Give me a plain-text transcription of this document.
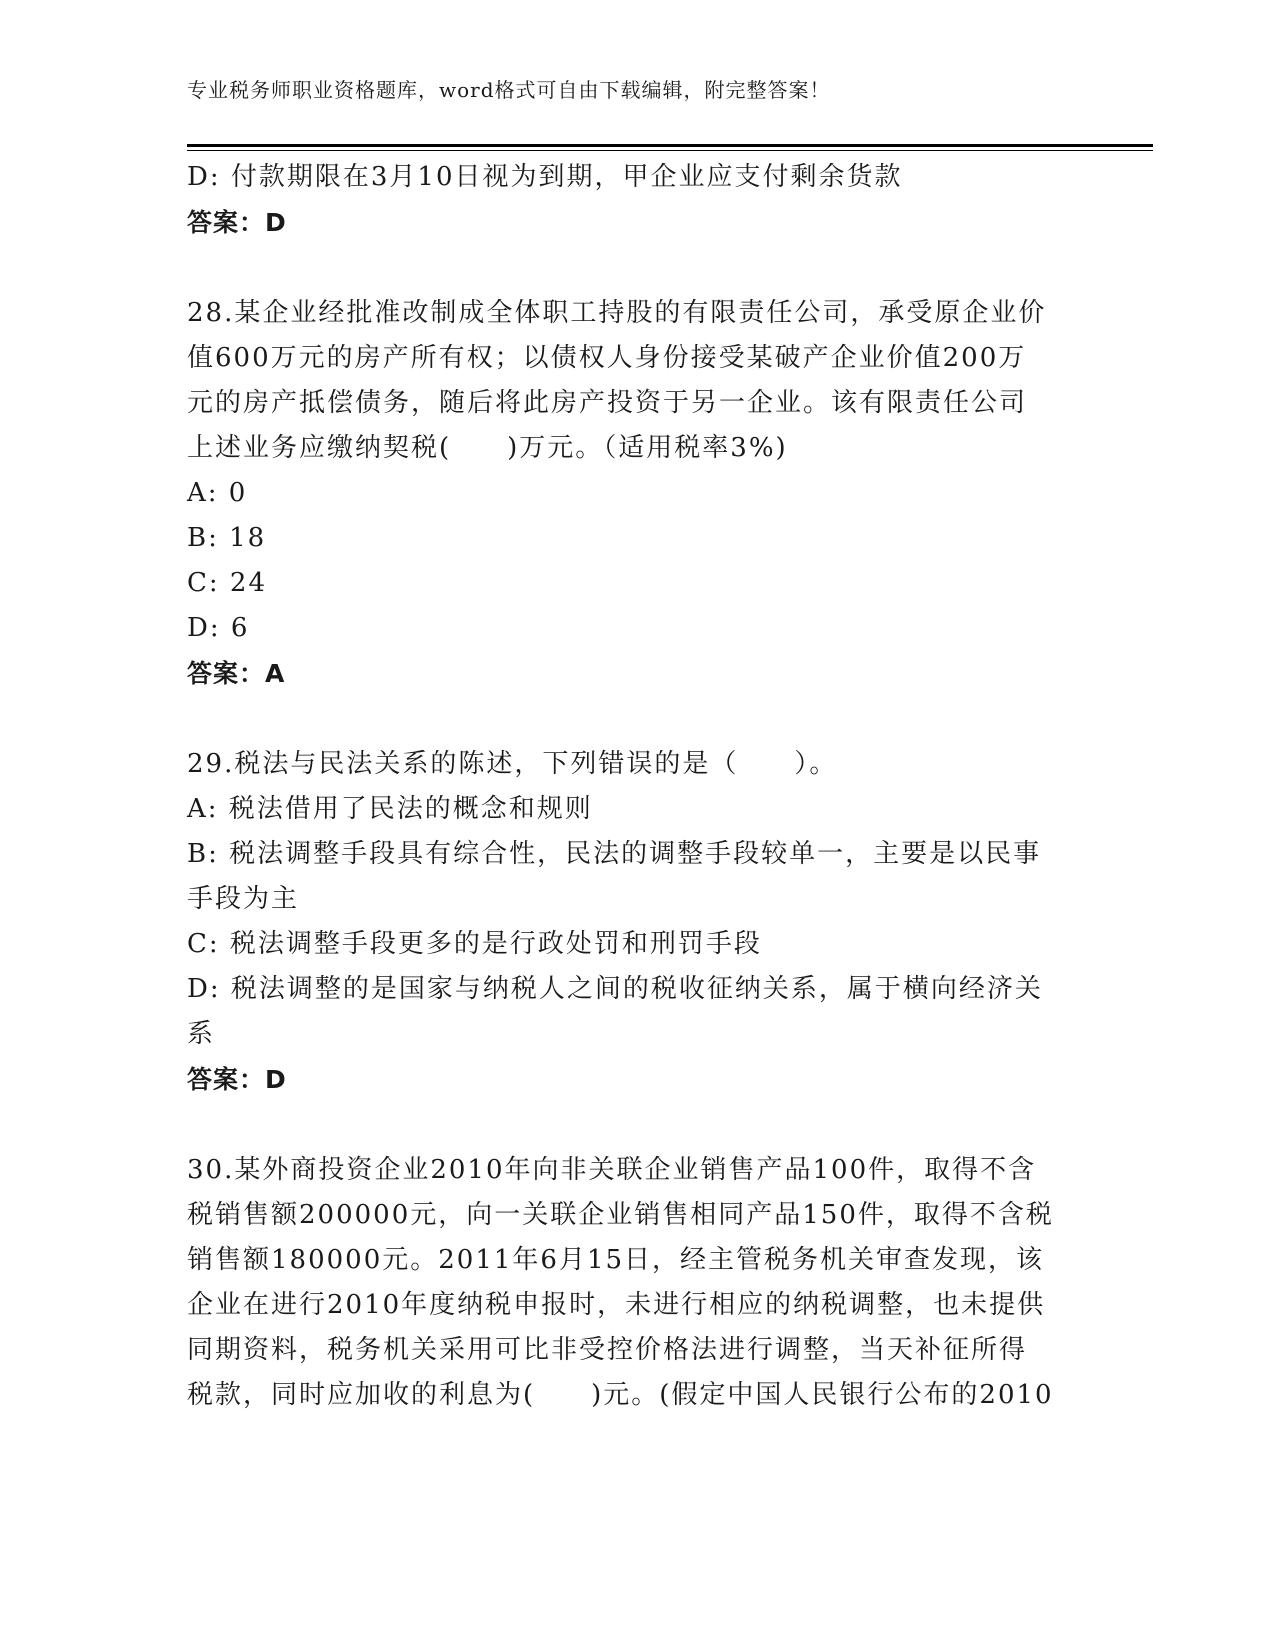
专业税务师职业资格题库，word格式可自由下载编辑，附完整答案！
D: 付款期限在3月10日视为到期，甲企业应支付剩余货款
答案：D
28.某企业经批准改制成全体职工持股的有限责任公司，承受原企业价
值600万元的房产所有权；以债权人身份接受某破产企业价值200万
元的房产抵偿债务，随后将此房产投资于另一企业。该有限责任公司
上述业务应缴纳契税(　　)万元。（适用税率3%)
A: 0
B: 18
C: 24
D: 6
答案：A
29.税法与民法关系的陈述，下列错误的是（　　）。
A: 税法借用了民法的概念和规则
B: 税法调整手段具有综合性，民法的调整手段较单一，主要是以民事
手段为主
C: 税法调整手段更多的是行政处罚和刑罚手段
D: 税法调整的是国家与纳税人之间的税收征纳关系，属于横向经济关
系
答案：D
30.某外商投资企业2010年向非关联企业销售产品100件，取得不含
税销售额200000元，向一关联企业销售相同产品150件，取得不含税
销售额180000元。2011年6月15日，经主管税务机关审查发现，该
企业在进行2010年度纳税申报时，未进行相应的纳税调整，也未提供
同期资料，税务机关采用可比非受控价格法进行调整，当天补征所得
税款，同时应加收的利息为(　　)元。(假定中国人民银行公布的2010
